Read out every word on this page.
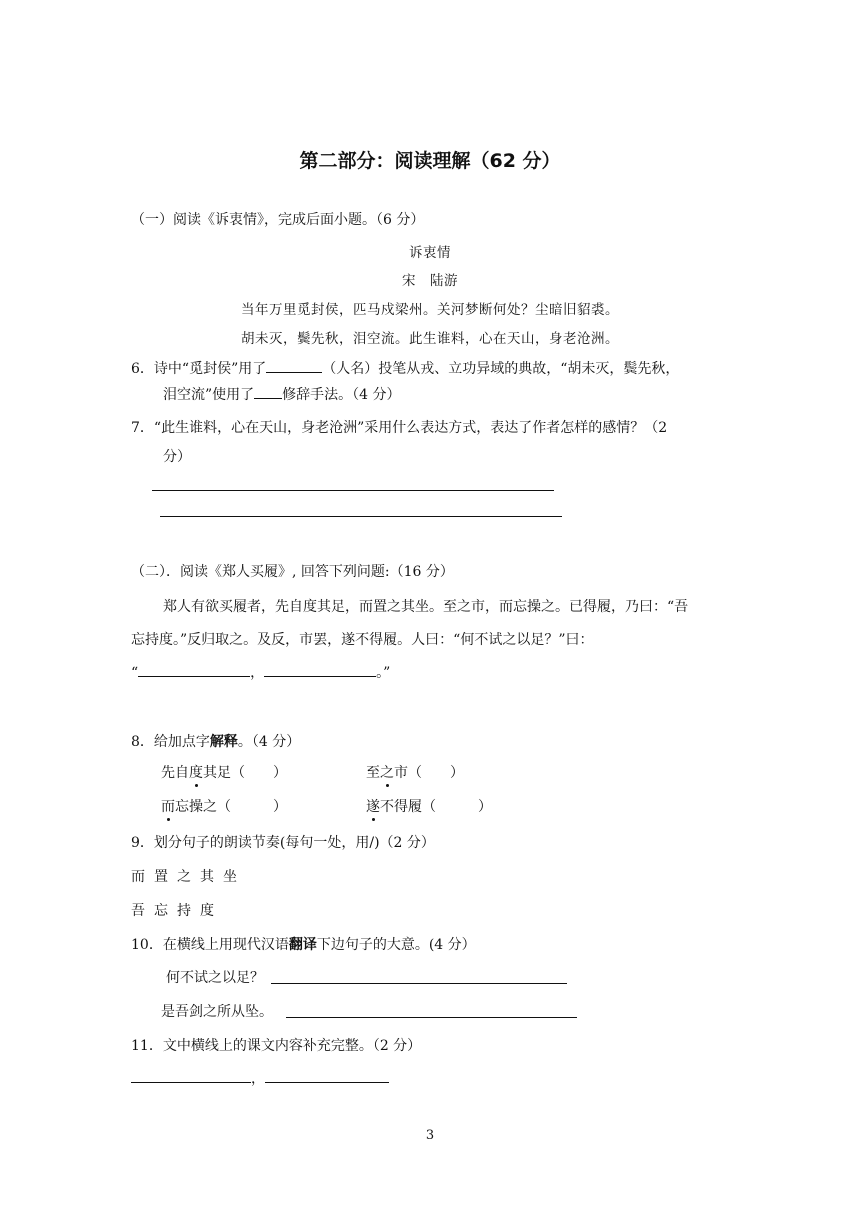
第二部分：阅读理解（62 分）
（一）阅读《诉衷情》，完成后面小题。（6 分）
诉衷情
宋　陆游
当年万里觅封侯，匹马戍梁州。关河梦断何处？尘暗旧貂裘。
胡未灭，鬓先秋，泪空流。此生谁料，心在天山，身老沧洲。
6．诗中“觅封侯”用了	（人名）投笔从戎、立功异域的典故，“胡未灭，鬓先秋，
泪空流”使用了 修辞手法。（4 分）
7．“此生谁料，心在天山，身老沧洲”采用什么表达方式，表达了作者怎样的感情？（2
分）
（二）．阅读《郑人买履》, 回答下列问题:（16 分）
郑人有欲买履者，先自度其足，而置之其坐。至之市，而忘操之。已得履，乃曰：“吾
忘持度。”反归取之。及反，市罢，遂不得履。人曰：“何不试之以足？”曰：
“	，	。”
8．给加点字解释。（4 分）
先自度其足（　　）	至之市（　　）
而忘操之（　　　）	遂不得履（　　　）
9．划分句子的朗读节奏(每句一处，用/)（2 分）
而置之其坐
吾忘持度
10．在横线上用现代汉语翻译下边句子的大意。(4 分）
何不试之以足？
是吾剑之所从坠。
11．文中横线上的课文内容补充完整。（2 分）
，
3
